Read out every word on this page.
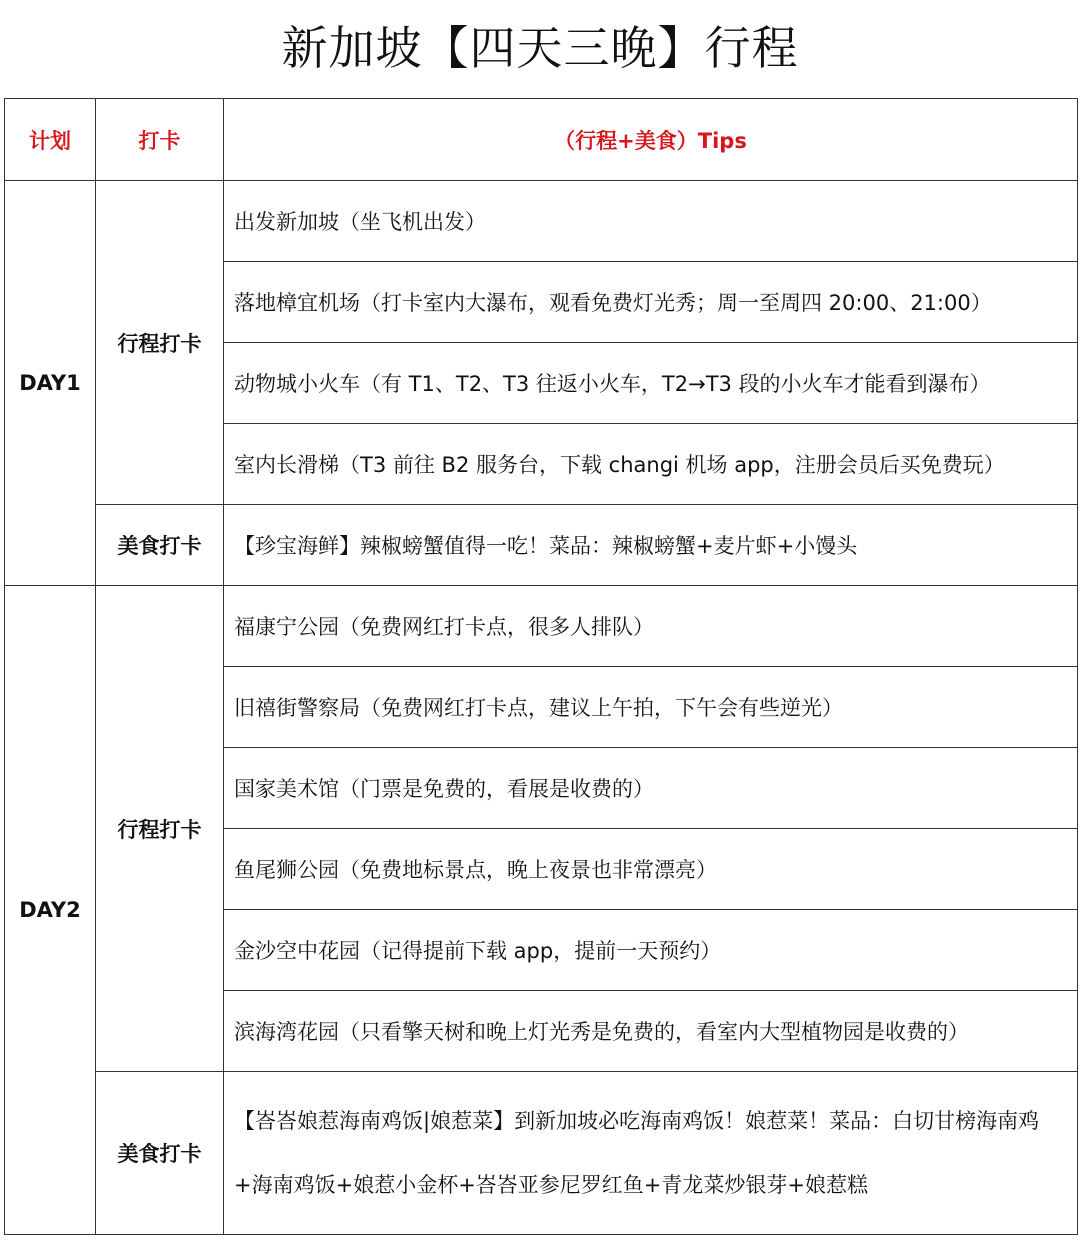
新加坡【四天三晚】行程
计划	打卡	（行程+美食）Tips
DAY1	行程打卡	出发新加坡（坐飞机出发）
		落地樟宜机场（打卡室内大瀑布，观看免费灯光秀；周一至周四 20:00、21:00）
		动物城小火车（有 T1、T2、T3 往返小火车，T2→T3 段的小火车才能看到瀑布）
		室内长滑梯（T3 前往 B2 服务台，下载 changi 机场 app，注册会员后买免费玩）
	美食打卡	【珍宝海鲜】辣椒螃蟹值得一吃！菜品：辣椒螃蟹+麦片虾+小馒头
DAY2	行程打卡	福康宁公园（免费网红打卡点，很多人排队）
		旧禧街警察局（免费网红打卡点，建议上午拍，下午会有些逆光）
		国家美术馆（门票是免费的，看展是收费的）
		鱼尾狮公园（免费地标景点，晚上夜景也非常漂亮）
		金沙空中花园（记得提前下载 app，提前一天预约）
		滨海湾花园（只看擎天树和晚上灯光秀是免费的，看室内大型植物园是收费的）
	美食打卡	【峇峇娘惹海南鸡饭|娘惹菜】到新加坡必吃海南鸡饭！娘惹菜！菜品：白切甘榜海南鸡+海南鸡饭+娘惹小金杯+峇峇亚参尼罗红鱼+青龙菜炒银芽+娘惹糕
